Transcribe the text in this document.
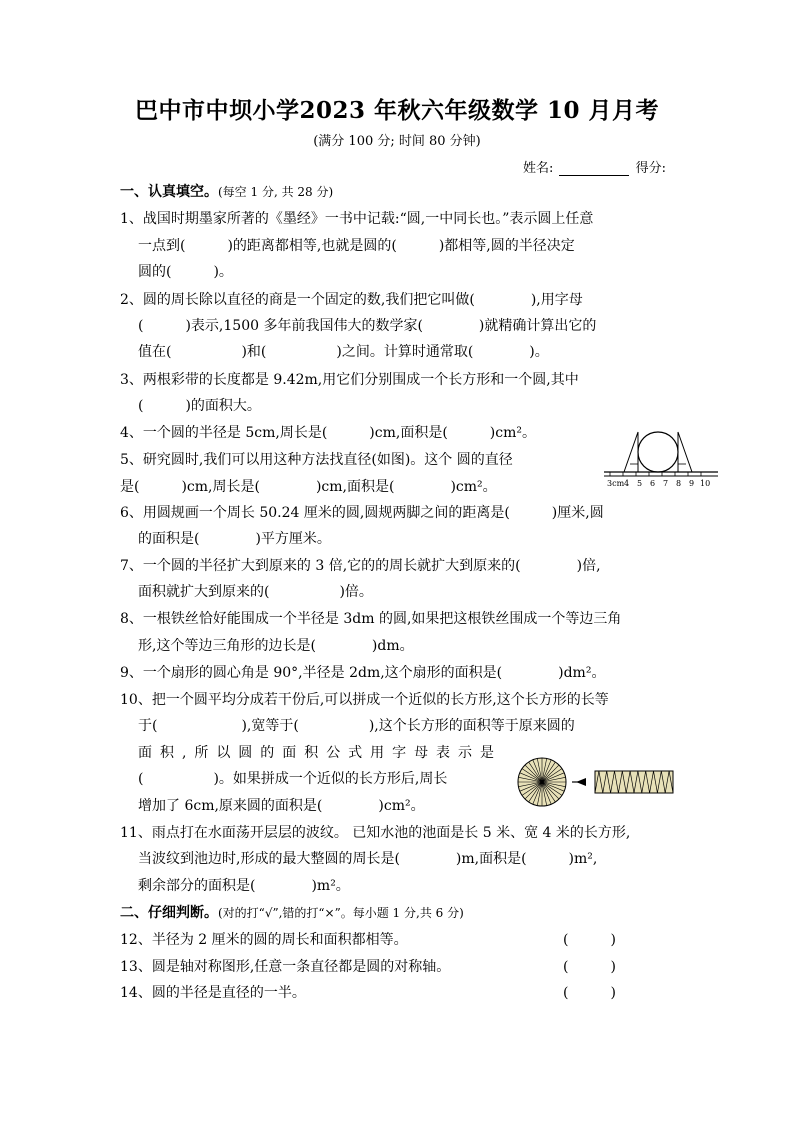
巴中市中坝小学2023 年秋六年级数学 10 月月考
(满分 100 分; 时间 80 分钟)
姓名:	得分:
一、认真填空。(每空 1 分, 共 28 分)
1、战国时期墨家所著的《墨经》一书中记载:“圆,一中同长也。”表示圆上任意
一点到(　　　)的距离都相等,也就是圆的(　　　)都相等,圆的半径决定
圆的(　　　)。
2、圆的周长除以直径的商是一个固定的数,我们把它叫做(　　　　),用字母
(　　　)表示,1500 多年前我国伟大的数学家(　　　　)就精确计算出它的
值在(　　　　　)和(　　　　　)之间。计算时通常取(　　　　)。
3、两根彩带的长度都是 9.42m,用它们分别围成一个长方形和一个圆,其中
(　　　)的面积大。
4、一个圆的半径是 5cm,周长是(　　　)cm,面积是(　　　)cm²。
5、研究圆时,我们可以用这种方法找直径(如图)。这个 圆的直径
是(　　　)cm,周长是(　　　　)cm,面积是(　　　　)cm²。	3cm 4 5 6 7 8 9 10
6、用圆规画一个周长 50.24 厘米的圆,圆规两脚之间的距离是(　　　)厘米,圆
的面积是(　　　　)平方厘米。
7、一个圆的半径扩大到原来的 3 倍,它的的周长就扩大到原来的(　　　　)倍,
面积就扩大到原来的(　　　　　)倍。
8、一根铁丝恰好能围成一个半径是 3dm 的圆,如果把这根铁丝围成一个等边三角
形,这个等边三角形的边长是(　　　　)dm。
9、一个扇形的圆心角是 90°,半径是 2dm,这个扇形的面积是(　　　　)dm²。
10、把一个圆平均分成若干份后,可以拼成一个近似的长方形,这个长方形的长等
于(　　　　　　),宽等于(　　　　　),这个长方形的面积等于原来圆的
面积,所以圆的面积公式用字母表示是
(　　　　　)。如果拼成一个近似的长方形后,周长
增加了 6cm,原来圆的面积是(　　　　)cm²。
11、雨点打在水面荡开层层的波纹。 已知水池的池面是长 5 米、宽 4 米的长方形,
当波纹到池边时,形成的最大整圆的周长是(　　　　)m,面积是(　　　)m²,
剩余部分的面积是(　　　　)m²。
二、仔细判断。(对的打“√”,错的打“×”。每小题 1 分,共 6 分)
12、半径为 2 厘米的圆的周长和面积都相等。	(　　　)
13、圆是轴对称图形,任意一条直径都是圆的对称轴。	(　　　)
14、圆的半径是直径的一半。	(　　　)
